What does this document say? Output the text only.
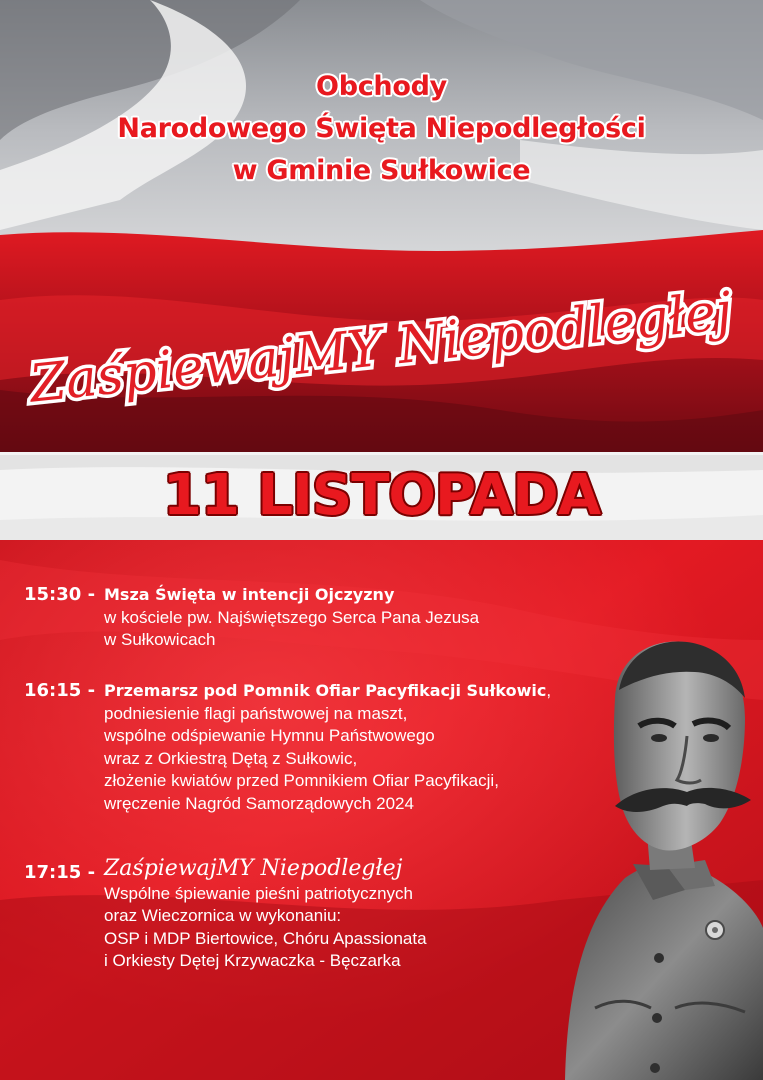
Obchody
Narodowego Święta Niepodległości
w Gminie Sułkowice
ZaśpiewajMY Niepodległej
11 LISTOPADA
15:30 - Msza Święta w intencji Ojczyzny
w kościele pw. Najświętszego Serca Pana Jezusa
w Sułkowicach
16:15 - Przemarsz pod Pomnik Ofiar Pacyfikacji Sułkowic,
podniesienie flagi państwowej na maszt,
wspólne odśpiewanie Hymnu Państwowego
wraz z Orkiestrą Dętą z Sułkowic,
złożenie kwiatów przed Pomnikiem Ofiar Pacyfikacji,
wręczenie Nagród Samorządowych 2024
17:15 - ZaśpiewajMY Niepodległej
Wspólne śpiewanie pieśni patriotycznych
oraz Wieczornica w wykonaniu:
OSP i MDP Biertowice, Chóru Apassionata
i Orkiesty Dętej Krzywaczka - Bęczarka
